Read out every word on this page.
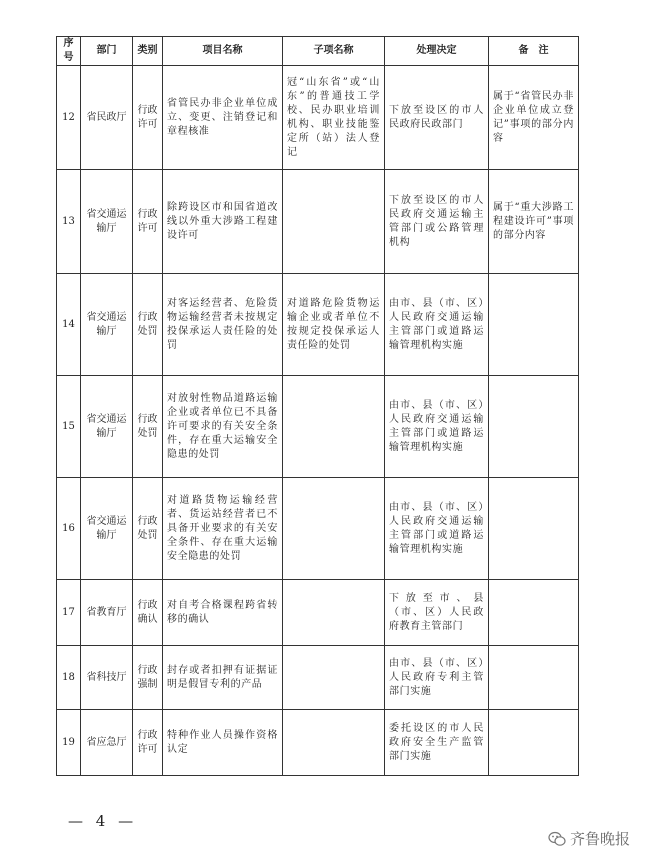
序号	部门	类别	项目名称	子项名称	处理决定	备　注
12	省民政厅	行政许可	省管民办非企业单位成立、变更、注销登记和章程核准	冠“山东省”或“山东”的普通技工学校、民办职业培训机构、职业技能鉴定所（站）法人登记	下放至设区的市人民政府民政部门	属于“省管民办非企业单位成立登记”事项的部分内容
13	省交通运输厅	行政许可	除跨设区市和国省道改线以外重大涉路工程建设许可		下放至设区的市人民政府交通运输主管部门或公路管理机构	属于“重大涉路工程建设许可”事项的部分内容
14	省交通运输厅	行政处罚	对客运经营者、危险货物运输经营者未按规定投保承运人责任险的处罚	对道路危险货物运输企业或者单位不按规定投保承运人责任险的处罚	由市、县（市、区）人民政府交通运输主管部门或道路运输管理机构实施	
15	省交通运输厅	行政处罚	对放射性物品道路运输企业或者单位已不具备许可要求的有关安全条件，存在重大运输安全隐患的处罚		由市、县（市、区）人民政府交通运输主管部门或道路运输管理机构实施	
16	省交通运输厅	行政处罚	对道路货物运输经营者、货运站经营者已不具备开业要求的有关安全条件、存在重大运输安全隐患的处罚		由市、县（市、区）人民政府交通运输主管部门或道路运输管理机构实施	
17	省教育厅	行政确认	对自考合格课程跨省转移的确认		下放至市、县（市、区）人民政府教育主管部门	
18	省科技厅	行政强制	封存或者扣押有证据证明是假冒专利的产品		由市、县（市、区）人民政府专利主管部门实施	
19	省应急厅	行政许可	特种作业人员操作资格认定		委托设区的市人民政府安全生产监管部门实施	
— 4 —
齐鲁晚报
